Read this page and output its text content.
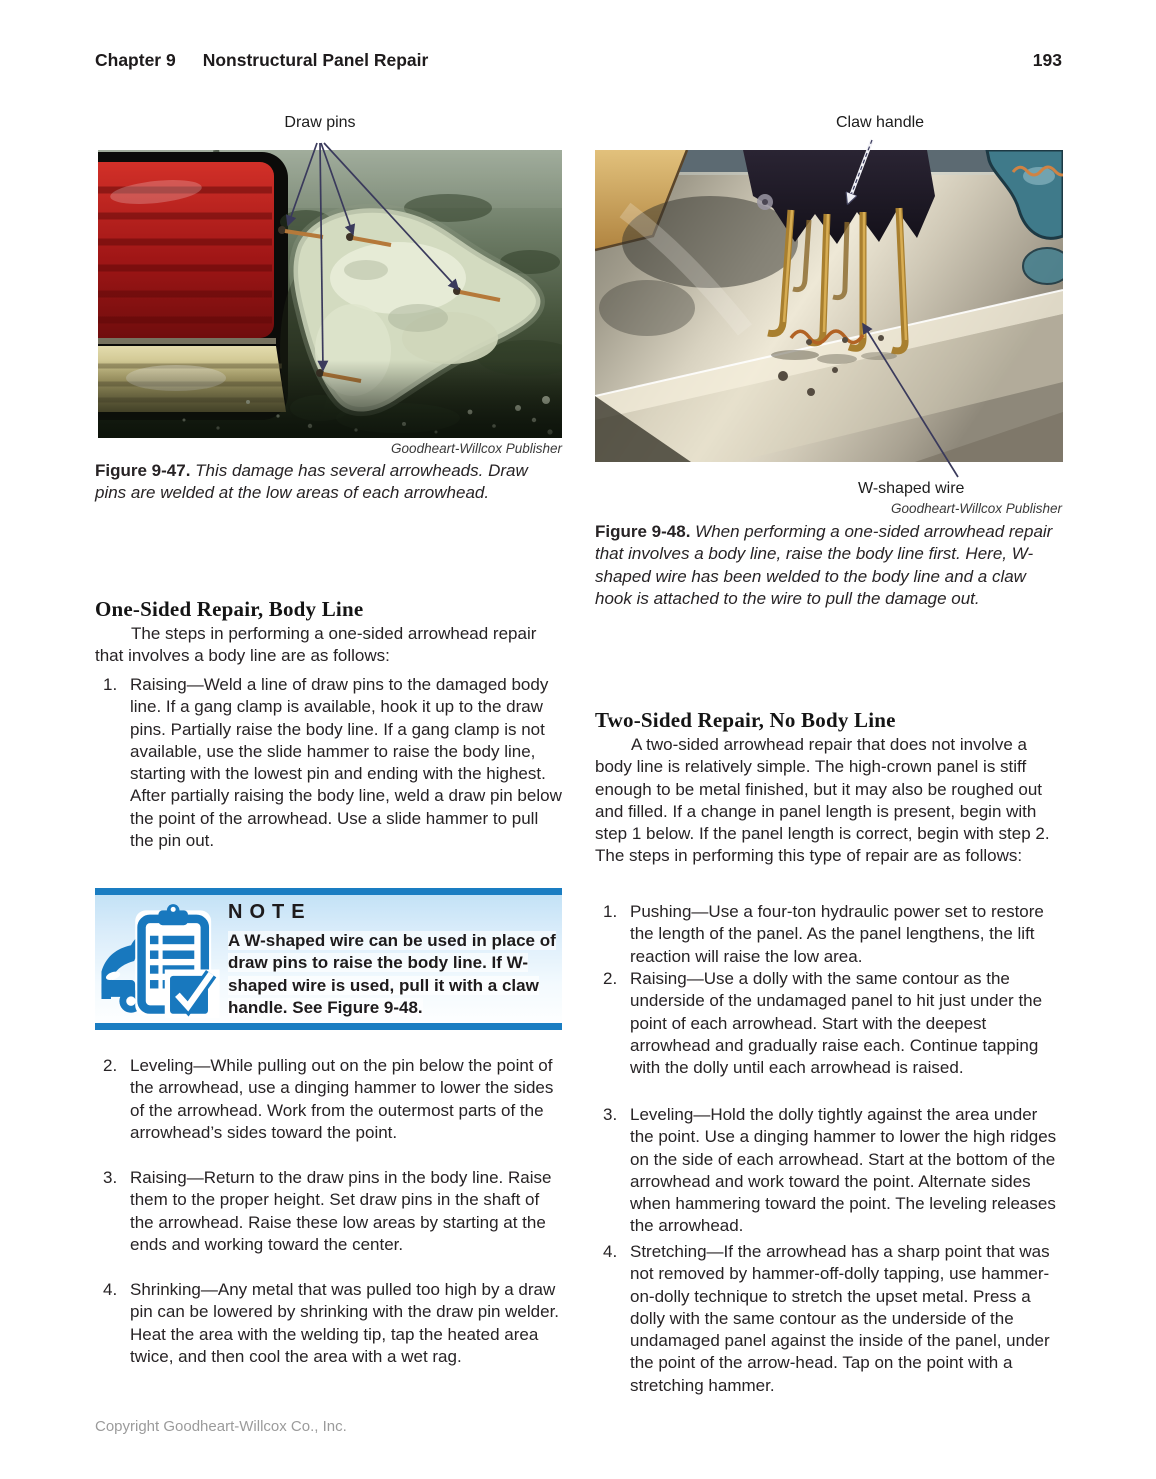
Chapter 9 Nonstructural Panel Repair	193
Draw pins
Goodheart-Willcox Publisher
Figure 9-47. This damage has several arrowheads. Draw pins are welded at the low areas of each arrowhead.
One-Sided Repair, Body Line
The steps in performing a one-sided arrowhead repair that involves a body line are as follows:
1. Raising—Weld a line of draw pins to the damaged body line. If a gang clamp is available, hook it up to the draw pins. Partially raise the body line. If a gang clamp is not available, use the slide hammer to raise the body line, starting with the lowest pin and ending with the highest. After partially raising the body line, weld a draw pin below the point of the arrowhead. Use a slide hammer to pull the pin out.
NOTE
A W-shaped wire can be used in place of draw pins to raise the body line. If W-shaped wire is used, pull it with a claw handle. See Figure 9-48.
2. Leveling—While pulling out on the pin below the point of the arrowhead, use a dinging hammer to lower the sides of the arrowhead. Work from the outermost parts of the arrowhead’s sides toward the point.
3. Raising—Return to the draw pins in the body line. Raise them to the proper height. Set draw pins in the shaft of the arrowhead. Raise these low areas by starting at the ends and working toward the center.
4. Shrinking—Any metal that was pulled too high by a draw pin can be lowered by shrinking with the draw pin welder. Heat the area with the welding tip, tap the heated area twice, and then cool the area with a wet rag.
Claw handle
W-shaped wire
Goodheart-Willcox Publisher
Figure 9-48. When performing a one-sided arrowhead repair that involves a body line, raise the body line first. Here, W-shaped wire has been welded to the body line and a claw hook is attached to the wire to pull the damage out.
Two-Sided Repair, No Body Line
A two-sided arrowhead repair that does not involve a body line is relatively simple. The high-crown panel is stiff enough to be metal finished, but it may also be roughed out and filled. If a change in panel length is present, begin with step 1 below. If the panel length is correct, begin with step 2. The steps in performing this type of repair are as follows:
1. Pushing—Use a four-ton hydraulic power set to restore the length of the panel. As the panel lengthens, the lift reaction will raise the low area.
2. Raising—Use a dolly with the same contour as the underside of the undamaged panel to hit just under the point of each arrowhead. Start with the deepest arrowhead and gradually raise each. Continue tapping with the dolly until each arrowhead is raised.
3. Leveling—Hold the dolly tightly against the area under the point. Use a dinging hammer to lower the high ridges on the side of each arrowhead. Start at the bottom of the arrowhead and work toward the point. Alternate sides when hammering toward the point. The leveling releases the arrowhead.
4. Stretching—If the arrowhead has a sharp point that was not removed by hammer-off-dolly tapping, use hammer-on-dolly technique to stretch the upset metal. Press a dolly with the same contour as the underside of the undamaged panel against the inside of the panel, under the point of the arrow-head. Tap on the point with a stretching hammer.
Copyright Goodheart-Willcox Co., Inc.
